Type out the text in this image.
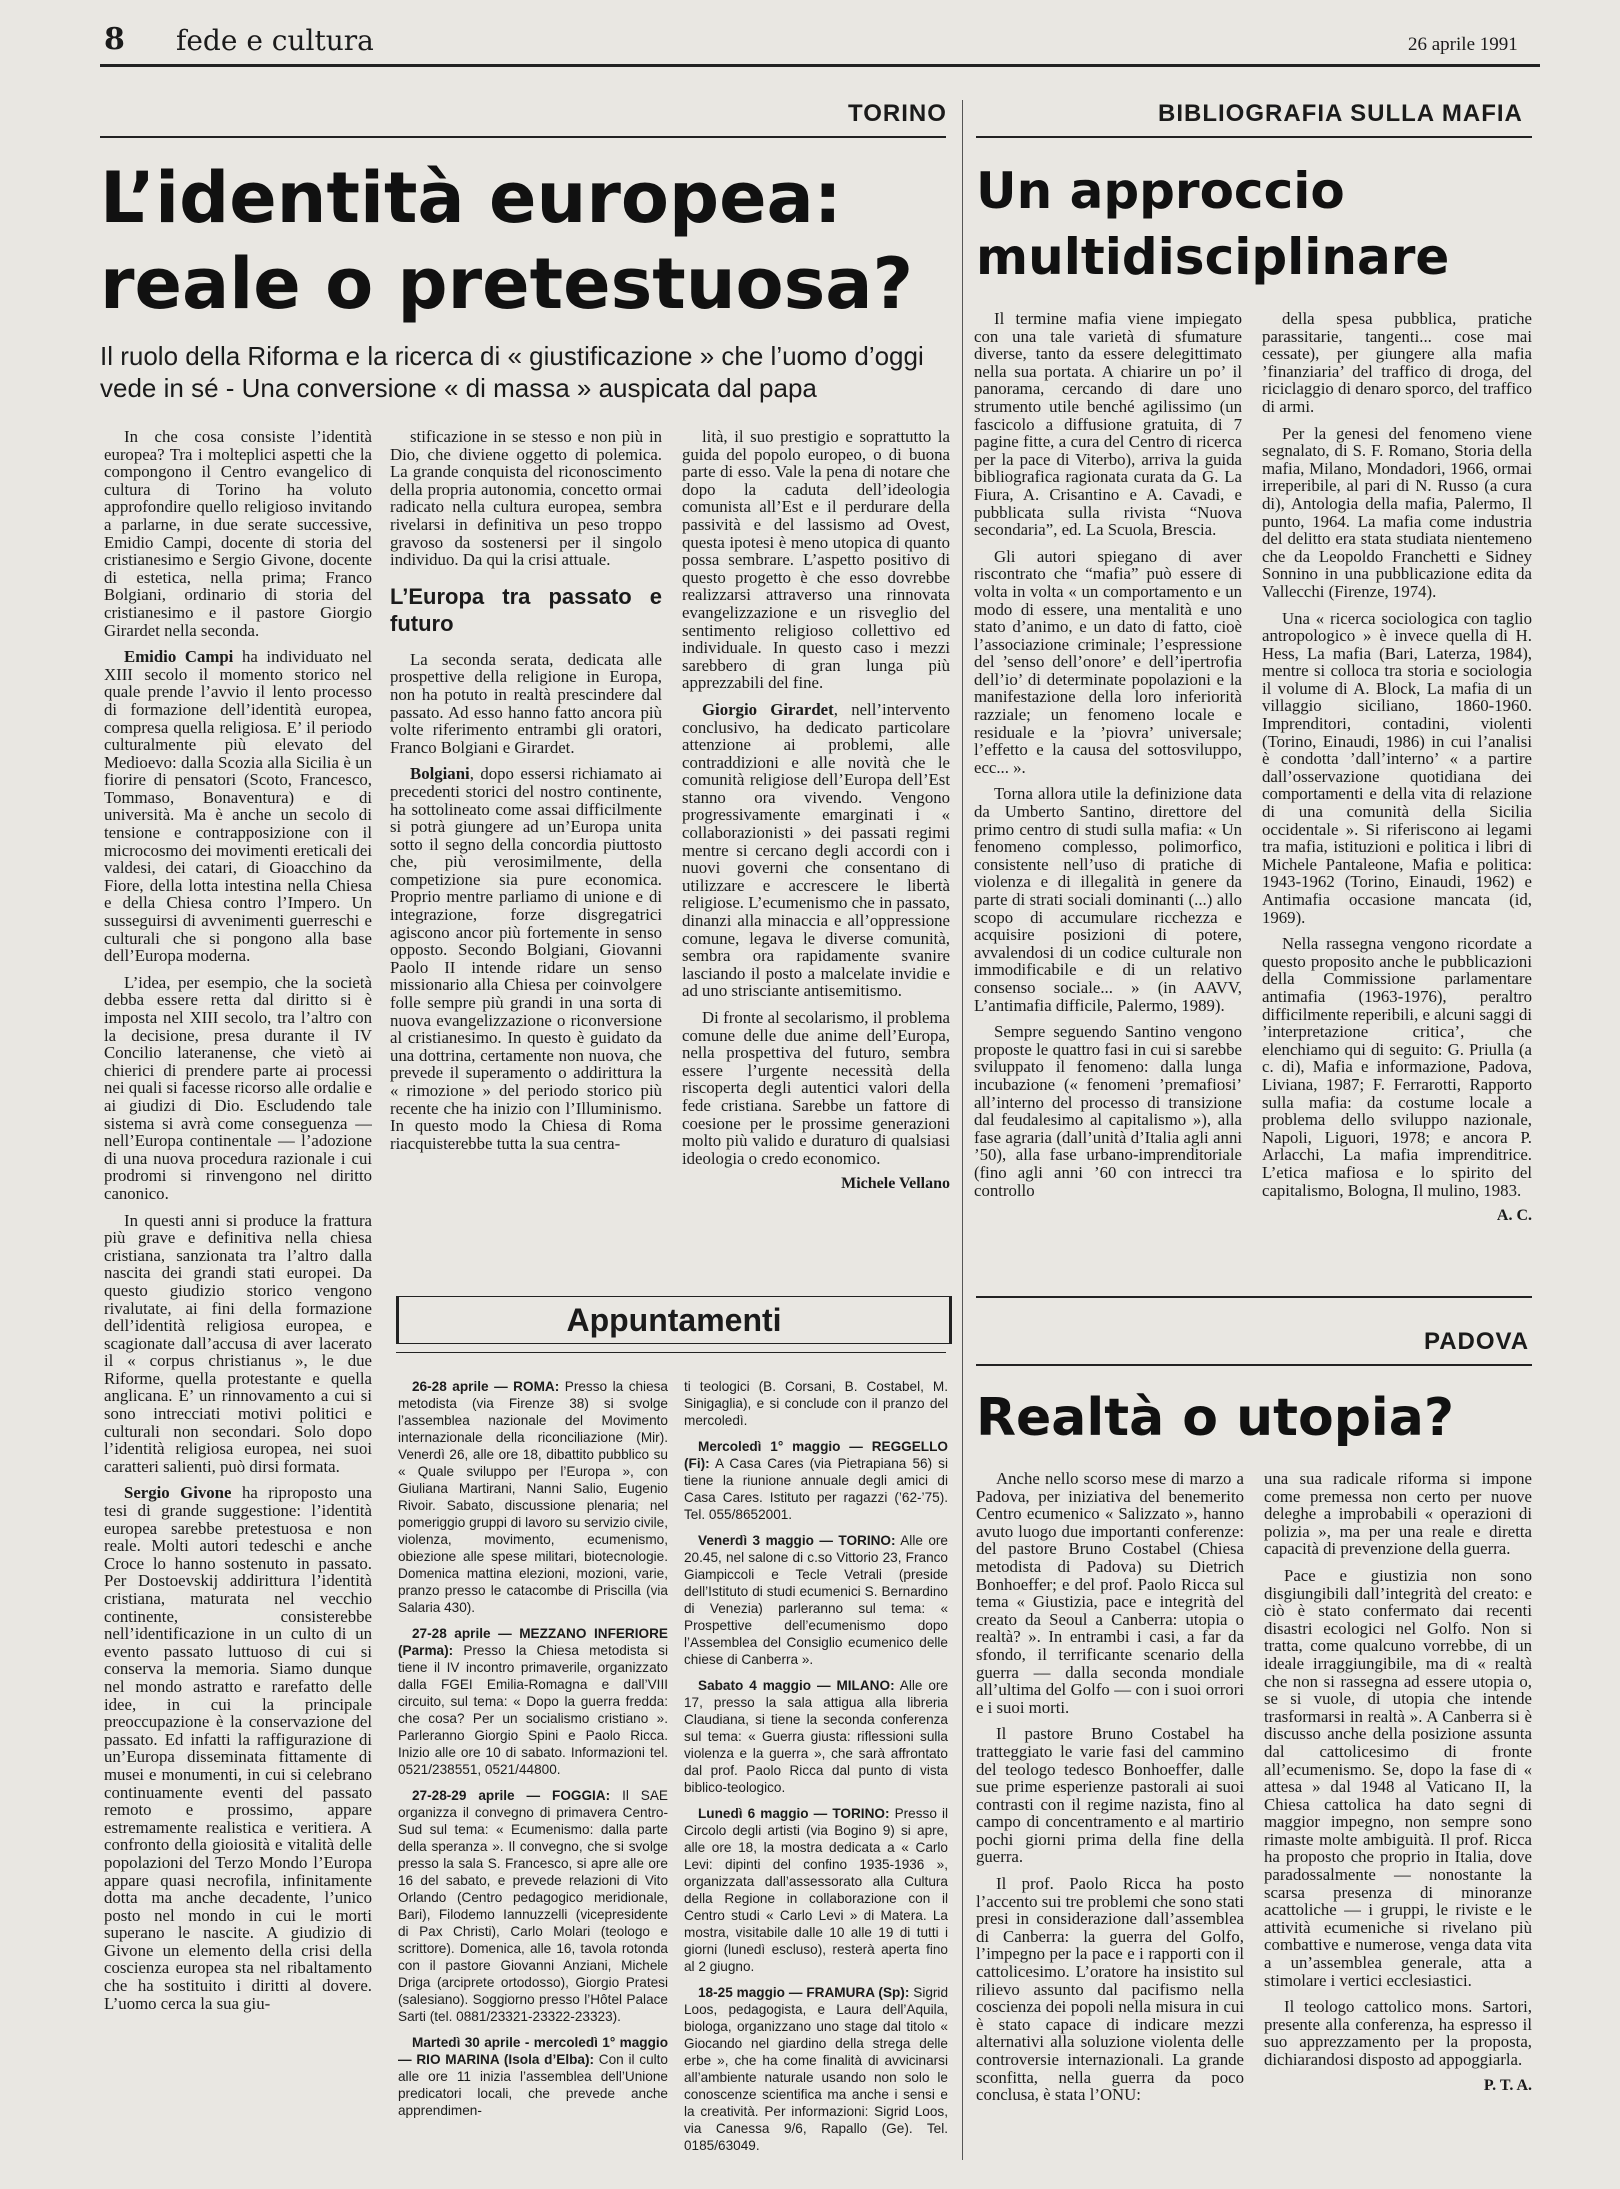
8 fede e cultura	26 aprile 1991
TORINO
L’identità europea:
reale o pretestuosa?
Il ruolo della Riforma e la ricerca di « giustificazione » che l’uomo d’oggi vede in sé - Una conversione « di massa » auspicata dal papa

In che cosa consiste l’identità europea? Tra i molteplici aspetti che la compongono il Centro evangelico di cultura di Torino ha voluto approfondire quello religioso invitando a parlarne, in due serate successive, Emidio Campi, docente di storia del cristianesimo e Sergio Givone, docente di estetica, nella prima; Franco Bolgiani, ordinario di storia del cristianesimo e il pastore Giorgio Girardet nella seconda.

Emidio Campi ha individuato nel XIII secolo il momento storico nel quale prende l’avvio il lento processo di formazione dell’identità europea, compresa quella religiosa. E’ il periodo culturalmente più elevato del Medioevo: dalla Scozia alla Sicilia è un fiorire di pensatori (Scoto, Francesco, Tommaso, Bonaventura) e di università. Ma è anche un secolo di tensione e contrapposizione con il microcosmo dei movimenti ereticali dei valdesi, dei catari, di Gioacchino da Fiore, della lotta intestina nella Chiesa e della Chiesa contro l’Impero. Un susseguirsi di avvenimenti guerreschi e culturali che si pongono alla base dell’Europa moderna.

L’idea, per esempio, che la società debba essere retta dal diritto si è imposta nel XIII secolo, tra l’altro con la decisione, presa durante il IV Concilio lateranense, che vietò ai chierici di prendere parte ai processi nei quali si facesse ricorso alle ordalie e ai giudizi di Dio. Escludendo tale sistema si avrà come conseguenza — nell’Europa continentale — l’adozione di una nuova procedura razionale i cui prodromi si rinvengono nel diritto canonico.

In questi anni si produce la frattura più grave e definitiva nella chiesa cristiana, sanzionata tra l’altro dalla nascita dei grandi stati europei. Da questo giudizio storico vengono rivalutate, ai fini della formazione dell’identità religiosa europea, e scagionate dall’accusa di aver lacerato il « corpus christianus », le due Riforme, quella protestante e quella anglicana. E’ un rinnovamento a cui si sono intrecciati motivi politici e culturali non secondari. Solo dopo l’identità religiosa europea, nei suoi caratteri salienti, può dirsi formata.

Sergio Givone ha riproposto una tesi di grande suggestione: l’identità europea sarebbe pretestuosa e non reale. Molti autori tedeschi e anche Croce lo hanno sostenuto in passato. Per Dostoevskij addirittura l’identità cristiana, maturata nel vecchio continente, consisterebbe nell’identificazione in un culto di un evento passato luttuoso di cui si conserva la memoria. Siamo dunque nel mondo astratto e rarefatto delle idee, in cui la principale preoccupazione è la conservazione del passato. Ed infatti la raffigurazione di un’Europa disseminata fittamente di musei e monumenti, in cui si celebrano continuamente eventi del passato remoto e prossimo, appare estremamente realistica e veritiera. A confronto della gioiosità e vitalità delle popolazioni del Terzo Mondo l’Europa appare quasi necrofila, infinitamente dotta ma anche decadente, l’unico posto nel mondo in cui le morti superano le nascite. A giudizio di Givone un elemento della crisi della coscienza europea sta nel ribaltamento che ha sostituito i diritti al dovere. L’uomo cerca la sua giu-

stificazione in se stesso e non più in Dio, che diviene oggetto di polemica. La grande conquista del riconoscimento della propria autonomia, concetto ormai radicato nella cultura europea, sembra rivelarsi in definitiva un peso troppo gravoso da sostenersi per il singolo individuo. Da qui la crisi attuale.

L’Europa tra passato e futuro

La seconda serata, dedicata alle prospettive della religione in Europa, non ha potuto in realtà prescindere dal passato. Ad esso hanno fatto ancora più volte riferimento entrambi gli oratori, Franco Bolgiani e Girardet.

Bolgiani, dopo essersi richiamato ai precedenti storici del nostro continente, ha sottolineato come assai difficilmente si potrà giungere ad un’Europa unita sotto il segno della concordia piuttosto che, più verosimilmente, della competizione sia pure economica. Proprio mentre parliamo di unione e di integrazione, forze disgregatrici agiscono ancor più fortemente in senso opposto. Secondo Bolgiani, Giovanni Paolo II intende ridare un senso missionario alla Chiesa per coinvolgere folle sempre più grandi in una sorta di nuova evangelizzazione o riconversione al cristianesimo. In questo è guidato da una dottrina, certamente non nuova, che prevede il superamento o addirittura la « rimozione » del periodo storico più recente che ha inizio con l’Illuminismo. In questo modo la Chiesa di Roma riacquisterebbe tutta la sua centra-

lità, il suo prestigio e soprattutto la guida del popolo europeo, o di buona parte di esso. Vale la pena di notare che dopo la caduta dell’ideologia comunista all’Est e il perdurare della passività e del lassismo ad Ovest, questa ipotesi è meno utopica di quanto possa sembrare. L’aspetto positivo di questo progetto è che esso dovrebbe realizzarsi attraverso una rinnovata evangelizzazione e un risveglio del sentimento religioso collettivo ed individuale. In questo caso i mezzi sarebbero di gran lunga più apprezzabili del fine.

Giorgio Girardet, nell’intervento conclusivo, ha dedicato particolare attenzione ai problemi, alle contraddizioni e alle novità che le comunità religiose dell’Europa dell’Est stanno ora vivendo. Vengono progressivamente emarginati i « collaborazionisti » dei passati regimi mentre si cercano degli accordi con i nuovi governi che consentano di utilizzare e accrescere le libertà religiose. L’ecumenismo che in passato, dinanzi alla minaccia e all’oppressione comune, legava le diverse comunità, sembra ora rapidamente svanire lasciando il posto a malcelate invidie e ad uno strisciante antisemitismo.

Di fronte al secolarismo, il problema comune delle due anime dell’Europa, nella prospettiva del futuro, sembra essere l’urgente necessità della riscoperta degli autentici valori della fede cristiana. Sarebbe un fattore di coesione per le prossime generazioni molto più valido e duraturo di qualsiasi ideologia o credo economico.

Michele Vellano
BIBLIOGRAFIA SULLA MAFIA
Un approccio
multidisciplinare

Il termine mafia viene impiegato con una tale varietà di sfumature diverse, tanto da essere delegittimato nella sua portata. A chiarire un po’ il panorama, cercando di dare uno strumento utile benché agilissimo (un fascicolo a diffusione gratuita, di 7 pagine fitte, a cura del Centro di ricerca per la pace di Viterbo), arriva la guida bibliografica ragionata curata da G. La Fiura, A. Crisantino e A. Cavadi, e pubblicata sulla rivista “Nuova secondaria”, ed. La Scuola, Brescia.

Gli autori spiegano di aver riscontrato che “mafia” può essere di volta in volta « un comportamento e un modo di essere, una mentalità e uno stato d’animo, e un dato di fatto, cioè l’associazione criminale; l’espressione del ’senso dell’onore’ e dell’ipertrofia dell’io’ di determinate popolazioni e la manifestazione della loro inferiorità razziale; un fenomeno locale e residuale e la ’piovra’ universale; l’effetto e la causa del sottosviluppo, ecc... ».

Torna allora utile la definizione data da Umberto Santino, direttore del primo centro di studi sulla mafia: « Un fenomeno complesso, polimorfico, consistente nell’uso di pratiche di violenza e di illegalità in genere da parte di strati sociali dominanti (...) allo scopo di accumulare ricchezza e acquisire posizioni di potere, avvalendosi di un codice culturale non immodificabile e di un relativo consenso sociale... » (in AAVV, L’antimafia difficile, Palermo, 1989).

Sempre seguendo Santino vengono proposte le quattro fasi in cui si sarebbe sviluppato il fenomeno: dalla lunga incubazione (« fenomeni ’premafiosi’ all’interno del processo di transizione dal feudalesimo al capitalismo »), alla fase agraria (dall’unità d’Italia agli anni ’50), alla fase urbano-imprenditoriale (fino agli anni ’60 con intrecci tra controllo

della spesa pubblica, pratiche parassitarie, tangenti... cose mai cessate), per giungere alla mafia ’finanziaria’ del traffico di droga, del riciclaggio di denaro sporco, del traffico di armi.

Per la genesi del fenomeno viene segnalato, di S. F. Romano, Storia della mafia, Milano, Mondadori, 1966, ormai irreperibile, al pari di N. Russo (a cura di), Antologia della mafia, Palermo, Il punto, 1964. La mafia come industria del delitto era stata studiata nientemeno che da Leopoldo Franchetti e Sidney Sonnino in una pubblicazione edita da Vallecchi (Firenze, 1974).

Una « ricerca sociologica con taglio antropologico » è invece quella di H. Hess, La mafia (Bari, Laterza, 1984), mentre si colloca tra storia e sociologia il volume di A. Block, La mafia di un villaggio siciliano, 1860-1960. Imprenditori, contadini, violenti (Torino, Einaudi, 1986) in cui l’analisi è condotta ’dall’interno’ « a partire dall’osservazione quotidiana dei comportamenti e della vita di relazione di una comunità della Sicilia occidentale ». Si riferiscono ai legami tra mafia, istituzioni e politica i libri di Michele Pantaleone, Mafia e politica: 1943-1962 (Torino, Einaudi, 1962) e Antimafia occasione mancata (id, 1969).

Nella rassegna vengono ricordate a questo proposito anche le pubblicazioni della Commissione parlamentare antimafia (1963-1976), peraltro difficilmente reperibili, e alcuni saggi di ’interpretazione critica’, che elenchiamo qui di seguito: G. Priulla (a c. di), Mafia e informazione, Padova, Liviana, 1987; F. Ferrarotti, Rapporto sulla mafia: da costume locale a problema dello sviluppo nazionale, Napoli, Liguori, 1978; e ancora P. Arlacchi, La mafia imprenditrice. L’etica mafiosa e lo spirito del capitalismo, Bologna, Il mulino, 1983.

A. C.
Appuntamenti

26-28 aprile — ROMA: Presso la chiesa metodista (via Firenze 38) si svolge l’assemblea nazionale del Movimento internazionale della riconciliazione (Mir). Venerdì 26, alle ore 18, dibattito pubblico su « Quale sviluppo per l’Europa », con Giuliana Martirani, Nanni Salio, Eugenio Rivoir. Sabato, discussione plenaria; nel pomeriggio gruppi di lavoro su servizio civile, violenza, movimento, ecumenismo, obiezione alle spese militari, biotecnologie. Domenica mattina elezioni, mozioni, varie, pranzo presso le catacombe di Priscilla (via Salaria 430).

27-28 aprile — MEZZANO INFERIORE (Parma): Presso la Chiesa metodista si tiene il IV incontro primaverile, organizzato dalla FGEI Emilia-Romagna e dall’VIII circuito, sul tema: « Dopo la guerra fredda: che cosa? Per un socialismo cristiano ». Parleranno Giorgio Spini e Paolo Ricca. Inizio alle ore 10 di sabato. Informazioni tel. 0521/238551, 0521/44800.

27-28-29 aprile — FOGGIA: Il SAE organizza il convegno di primavera Centro-Sud sul tema: « Ecumenismo: dalla parte della speranza ». Il convegno, che si svolge presso la sala S. Francesco, si apre alle ore 16 del sabato, e prevede relazioni di Vito Orlando (Centro pedagogico meridionale, Bari), Filodemo Iannuzzelli (vicepresidente di Pax Christi), Carlo Molari (teologo e scrittore). Domenica, alle 16, tavola rotonda con il pastore Giovanni Anziani, Michele Driga (arciprete ortodosso), Giorgio Pratesi (salesiano). Soggiorno presso l’Hôtel Palace Sarti (tel. 0881/23321-23322-23323).

Martedì 30 aprile - mercoledì 1° maggio — RIO MARINA (Isola d’Elba): Con il culto alle ore 11 inizia l’assemblea dell’Unione predicatori locali, che prevede anche apprendimen-

ti teologici (B. Corsani, B. Costabel, M. Sinigaglia), e si conclude con il pranzo del mercoledì.

Mercoledì 1° maggio — REGGELLO (Fi): A Casa Cares (via Pietrapiana 56) si tiene la riunione annuale degli amici di Casa Cares. Istituto per ragazzi (’62-’75). Tel. 055/8652001.

Venerdì 3 maggio — TORINO: Alle ore 20.45, nel salone di c.so Vittorio 23, Franco Giampiccoli e Tecle Vetrali (preside dell’Istituto di studi ecumenici S. Bernardino di Venezia) parleranno sul tema: « Prospettive dell’ecumenismo dopo l’Assemblea del Consiglio ecumenico delle chiese di Canberra ».

Sabato 4 maggio — MILANO: Alle ore 17, presso la sala attigua alla libreria Claudiana, si tiene la seconda conferenza sul tema: « Guerra giusta: riflessioni sulla violenza e la guerra », che sarà affrontato dal prof. Paolo Ricca dal punto di vista biblico-teologico.

Lunedì 6 maggio — TORINO: Presso il Circolo degli artisti (via Bogino 9) si apre, alle ore 18, la mostra dedicata a « Carlo Levi: dipinti del confino 1935-1936 », organizzata dall’assessorato alla Cultura della Regione in collaborazione con il Centro studi « Carlo Levi » di Matera. La mostra, visitabile dalle 10 alle 19 di tutti i giorni (lunedì escluso), resterà aperta fino al 2 giugno.

18-25 maggio — FRAMURA (Sp): Sigrid Loos, pedagogista, e Laura dell’Aquila, biologa, organizzano uno stage dal titolo « Giocando nel giardino della strega delle erbe », che ha come finalità di avvicinarsi all’ambiente naturale usando non solo le conoscenze scientifica ma anche i sensi e la creatività. Per informazioni: Sigrid Loos, via Canessa 9/6, Rapallo (Ge). Tel. 0185/63049.

PADOVA
Realtà o utopia?

Anche nello scorso mese di marzo a Padova, per iniziativa del benemerito Centro ecumenico « Salizzato », hanno avuto luogo due importanti conferenze: del pastore Bruno Costabel (Chiesa metodista di Padova) su Dietrich Bonhoeffer; e del prof. Paolo Ricca sul tema « Giustizia, pace e integrità del creato da Seoul a Canberra: utopia o realtà? ». In entrambi i casi, a far da sfondo, il terrificante scenario della guerra — dalla seconda mondiale all’ultima del Golfo — con i suoi orrori e i suoi morti.

Il pastore Bruno Costabel ha tratteggiato le varie fasi del cammino del teologo tedesco Bonhoeffer, dalle sue prime esperienze pastorali ai suoi contrasti con il regime nazista, fino al campo di concentramento e al martirio pochi giorni prima della fine della guerra.

Il prof. Paolo Ricca ha posto l’accento sui tre problemi che sono stati presi in considerazione dall’assemblea di Canberra: la guerra del Golfo, l’impegno per la pace e i rapporti con il cattolicesimo. L’oratore ha insistito sul rilievo assunto dal pacifismo nella coscienza dei popoli nella misura in cui è stato capace di indicare mezzi alternativi alla soluzione violenta delle controversie internazionali. La grande sconfitta, nella guerra da poco conclusa, è stata l’ONU:

una sua radicale riforma si impone come premessa non certo per nuove deleghe a improbabili « operazioni di polizia », ma per una reale e diretta capacità di prevenzione della guerra.

Pace e giustizia non sono disgiungibili dall’integrità del creato: e ciò è stato confermato dai recenti disastri ecologici nel Golfo. Non si tratta, come qualcuno vorrebbe, di un ideale irraggiungibile, ma di « realtà che non si rassegna ad essere utopia o, se si vuole, di utopia che intende trasformarsi in realtà ». A Canberra si è discusso anche della posizione assunta dal cattolicesimo di fronte all’ecumenismo. Se, dopo la fase di « attesa » dal 1948 al Vaticano II, la Chiesa cattolica ha dato segni di maggior impegno, non sempre sono rimaste molte ambiguità. Il prof. Ricca ha proposto che proprio in Italia, dove paradossalmente — nonostante la scarsa presenza di minoranze acattoliche — i gruppi, le riviste e le attività ecumeniche si rivelano più combattive e numerose, venga data vita a un’assemblea generale, atta a stimolare i vertici ecclesiastici.

Il teologo cattolico mons. Sartori, presente alla conferenza, ha espresso il suo apprezzamento per la proposta, dichiarandosi disposto ad appoggiarla.

P. T. A.
